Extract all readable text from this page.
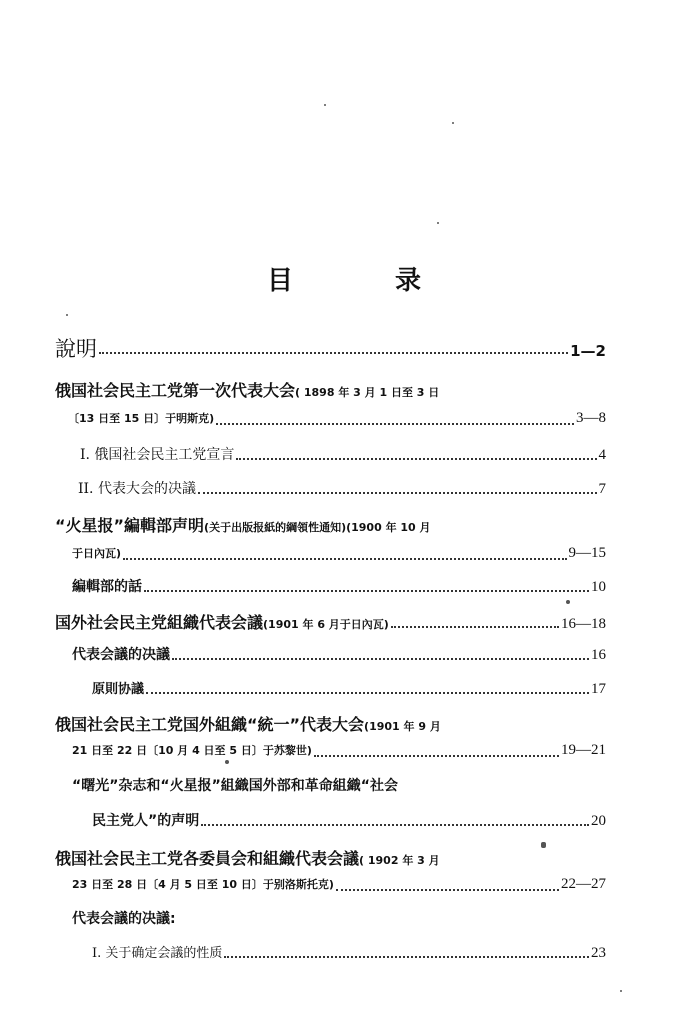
目　录
說明	1—2
俄国社会民主工党第一次代表大会 ( 1898 年 3 月 1 日至 3 日
〔13 日至 15 日〕于明斯克)	3—8
I. 俄国社会民主工党宣言	4
II. 代表大会的决議	7
“火星报”編輯部声明 (关于出版报紙的綱領性通知)(1900 年 10 月
于日內瓦)	9—15
編輯部的話	10
国外社会民主党組織代表会議 (1901 年 6 月于日內瓦)	16—18
代表会議的决議	16
原則协議	17
俄国社会民主工党国外組織“統一”代表大会 (1901 年 9 月
21 日至 22 日〔10 月 4 日至 5 日〕于苏黎世)	19—21
“曙光”杂志和“火星报”組織国外部和革命組織“社会
民主党人”的声明	20
俄国社会民主工党各委員会和組織代表会議 ( 1902 年 3 月
23 日至 28 日〔4 月 5 日至 10 日〕于别洛斯托克)	22—27
代表会議的决議:
I. 关于确定会議的性质	23
